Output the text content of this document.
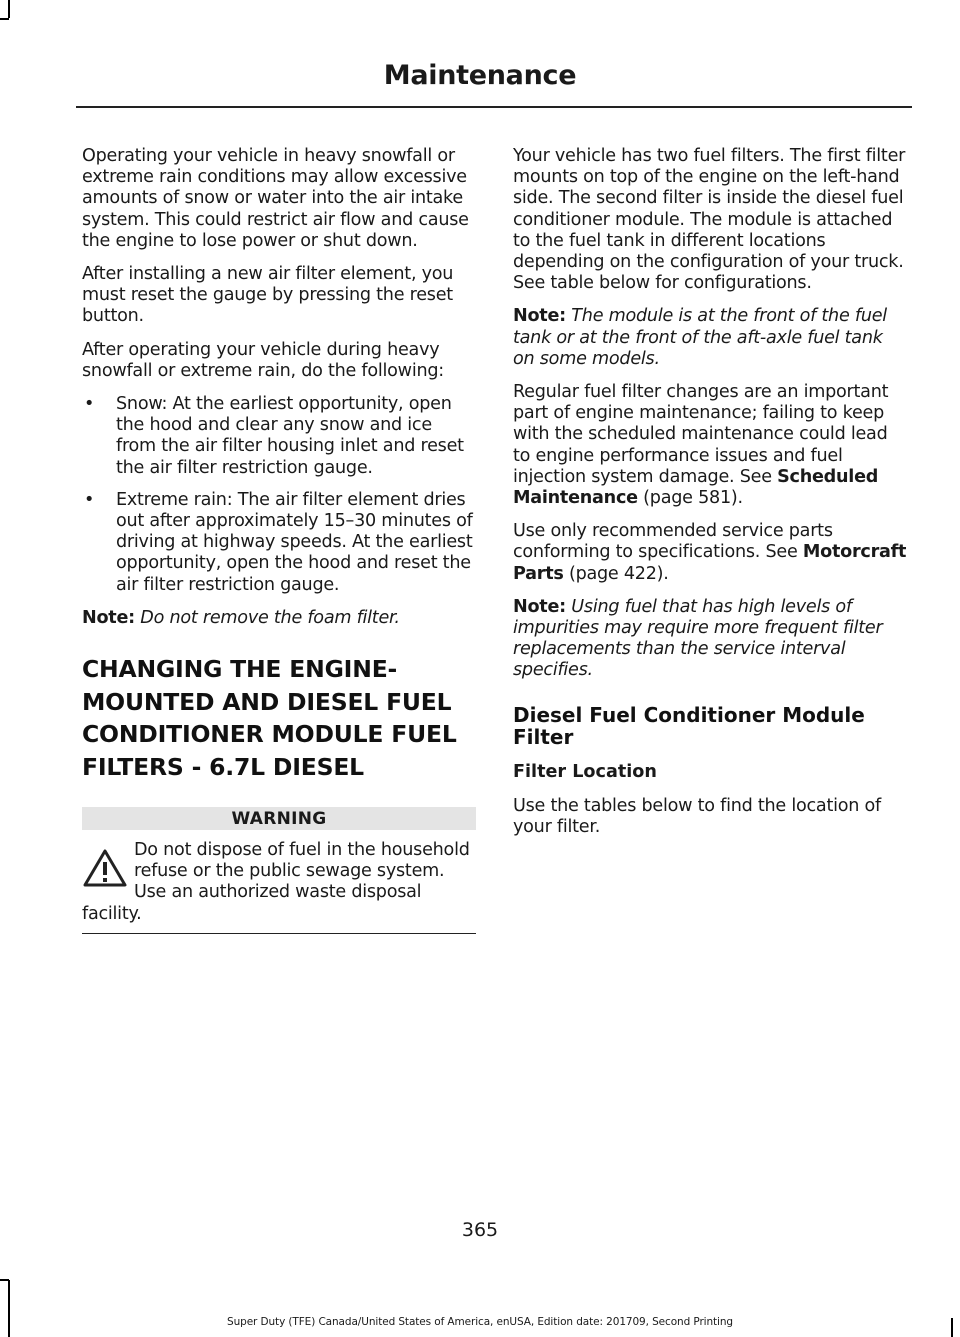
Maintenance

Operating your vehicle in heavy snowfall or extreme rain conditions may allow excessive amounts of snow or water into the air intake system. This could restrict air flow and cause the engine to lose power or shut down.

After installing a new air filter element, you must reset the gauge by pressing the reset button.

After operating your vehicle during heavy snowfall or extreme rain, do the following:

• Snow: At the earliest opportunity, open the hood and clear any snow and ice from the air filter housing inlet and reset the air filter restriction gauge.
• Extreme rain: The air filter element dries out after approximately 15–30 minutes of driving at highway speeds. At the earliest opportunity, open the hood and reset the air filter restriction gauge.

Note: Do not remove the foam filter.

CHANGING THE ENGINE-MOUNTED AND DIESEL FUEL CONDITIONER MODULE FUEL FILTERS - 6.7L DIESEL
WARNING
Do not dispose of fuel in the household refuse or the public sewage system. Use an authorized waste disposal facility.

Your vehicle has two fuel filters. The first filter mounts on top of the engine on the left-hand side. The second filter is inside the diesel fuel conditioner module. The module is attached to the fuel tank in different locations depending on the configuration of your truck. See table below for configurations.

Note: The module is at the front of the fuel tank or at the front of the aft-axle fuel tank on some models.

Regular fuel filter changes are an important part of engine maintenance; failing to keep with the scheduled maintenance could lead to engine performance issues and fuel injection system damage. See Scheduled Maintenance (page 581).

Use only recommended service parts conforming to specifications. See Motorcraft Parts (page 422).

Note: Using fuel that has high levels of impurities may require more frequent filter replacements than the service interval specifies.

Diesel Fuel Conditioner Module Filter
Filter Location

Use the tables below to find the location of your filter.

365
Super Duty (TFE) Canada/United States of America, enUSA, Edition date: 201709, Second Printing
